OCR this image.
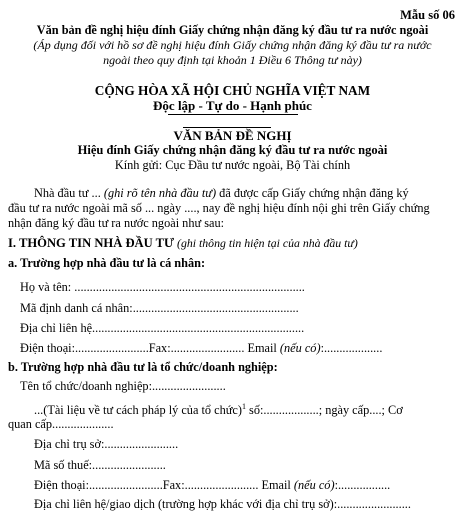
Mẫu số 06
Văn bản đề nghị hiệu đính Giấy chứng nhận đăng ký đầu tư ra nước ngoài
(Áp dụng đối với hồ sơ đề nghị hiệu đính Giấy chứng nhận đăng ký đầu tư ra nước
ngoài theo quy định tại khoản 1 Điều 6 Thông tư này)
CỘNG HÒA XÃ HỘI CHỦ NGHĨA VIỆT NAM
Độc lập - Tự do - Hạnh phúc
VĂN BẢN ĐỀ NGHỊ
Hiệu đính Giấy chứng nhận đăng ký đầu tư ra nước ngoài
Kính gửi: Cục Đầu tư nước ngoài, Bộ Tài chính
Nhà đầu tư ... (ghi rõ tên nhà đầu tư) đã được cấp Giấy chứng nhận đăng ký
đầu tư ra nước ngoài mã số ... ngày ...., nay đề nghị hiệu đính nội ghi trên Giấy chứng
nhận đăng ký đầu tư ra nước ngoài như sau:
I. THÔNG TIN NHÀ ĐẦU TƯ (ghi thông tin hiện tại của nhà đầu tư)
a. Trường hợp nhà đầu tư là cá nhân:
Họ và tên: ...........................................................................
Mã định danh cá nhân:......................................................
Địa chỉ liên hệ.....................................................................
Điện thoại:........................Fax:........................ Email (nếu có):...................
b. Trường hợp nhà đầu tư là tổ chức/doanh nghiệp:
Tên tổ chức/doanh nghiệp:........................
...(Tài liệu về tư cách pháp lý của tổ chức)$^1$ số:..................; ngày cấp....; Cơ
quan cấp....................
Địa chỉ trụ sở:........................
Mã số thuế:........................
Điện thoại:........................Fax:........................ Email (nếu có):.................
Địa chỉ liên hệ/giao dịch (trường hợp khác với địa chỉ trụ sở):........................
